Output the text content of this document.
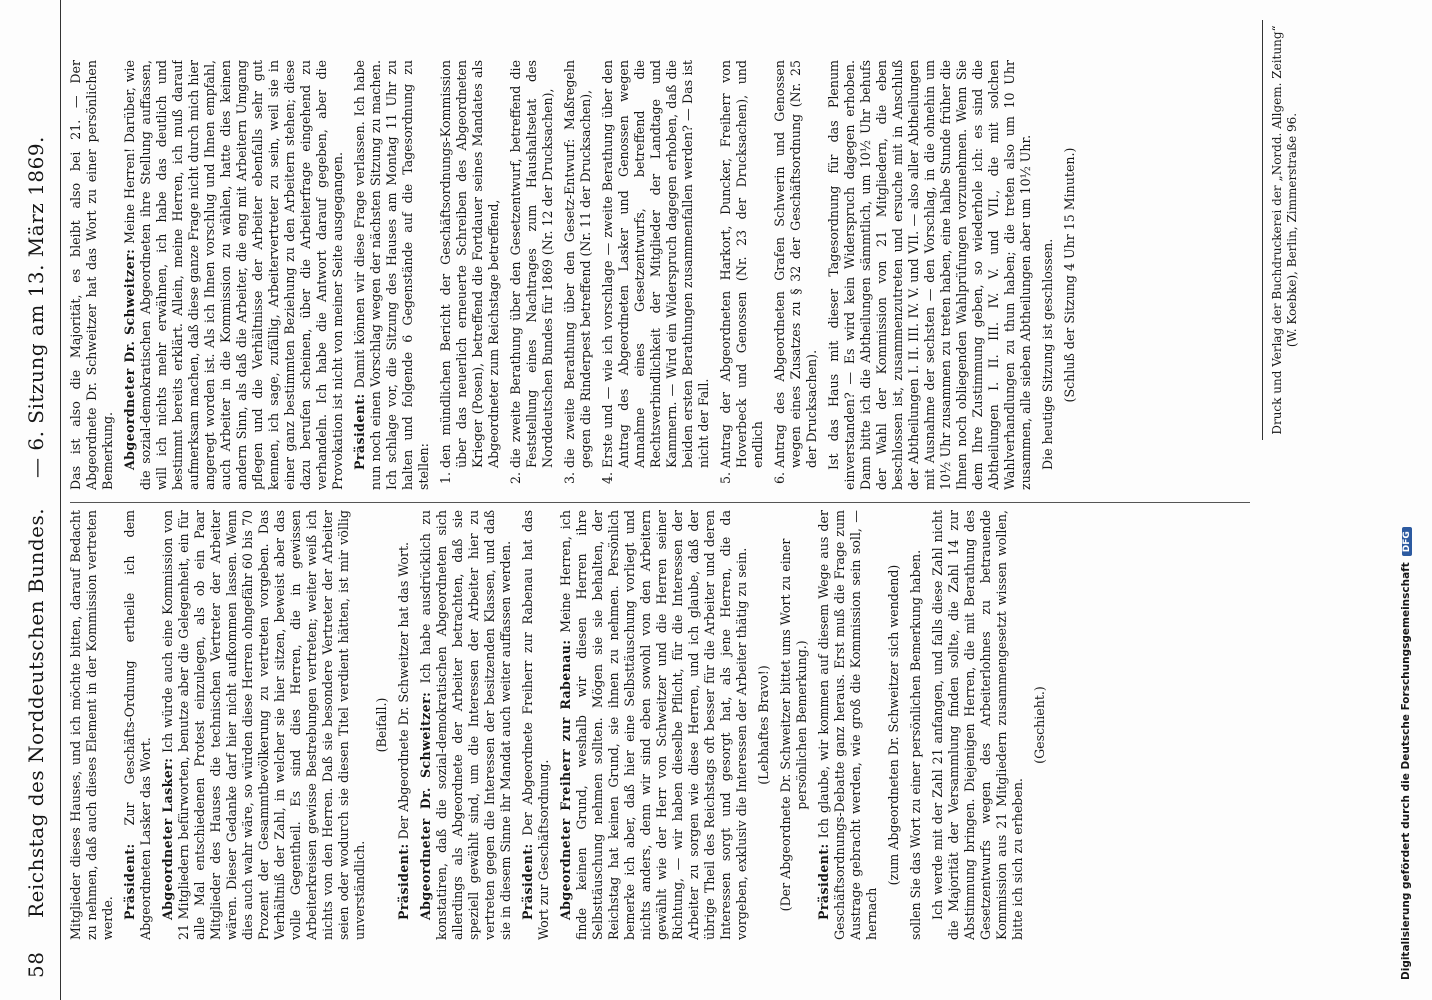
58
Reichstag des Norddeutschen Bundes.
— 6. Sitzung am 13. März 1869.

Mitglieder dieses Hauses, und ich möchte bitten, darauf Bedacht zu nehmen, daß auch dieses Element in der Kommission vertreten werde. Präsident: Zur Geschäfts-Ordnung ertheile ich dem Abgeordneten Lasker das Wort. Abgeordneter Lasker: Ich würde auch eine Kommission von 21 Mitgliedern befürworten, benutze aber die Gelegenheit, ein für alle Mal entschiedenen Protest einzulegen, als ob ein Paar Mitglieder des Hauses die technischen Vertreter der Arbeiter wären. Dieser Gedanke darf hier nicht aufkommen lassen. Wenn dies auch wahr wäre, so würden diese Herren ohngefähr 60 bis 70 Prozent der Gesammtbevölkerung zu vertreten vorgeben. Das Verhältniß der Zahl, in welcher sie hier sitzen, beweist aber das volle Gegentheil. Es sind dies Herren, die in gewissen Arbeiterkreisen gewisse Bestrebungen vertreten; weiter weiß ich nichts von den Herren. Daß sie besondere Vertreter der Arbeiter seien oder wodurch sie diesen Titel verdient hätten, ist mir völlig unverständlich.

(Beifall.)

Präsident: Der Abgeordnete Dr. Schweitzer hat das Wort. Abgeordneter Dr. Schweitzer: Ich habe ausdrücklich zu konstatiren, daß die sozial-demokratischen Abgeordneten sich allerdings als Abgeordnete der Arbeiter betrachten, daß sie speziell gewählt sind, um die Interessen der Arbeiter hier zu vertreten gegen die Interessen der besitzenden Klassen, und daß sie in diesem Sinne ihr Mandat auch weiter auffassen werden. Präsident: Der Abgeordnete Freiherr zur Rabenau hat das Wort zur Geschäftsordnung. Abgeordneter Freiherr zur Rabenau: Meine Herren, ich finde keinen Grund, weshalb wir diesen Herren ihre Selbsttäuschung nehmen sollten. Mögen sie sie behalten, der Reichstag hat keinen Grund, sie ihnen zu nehmen. Persönlich bemerke ich aber, daß hier eine Selbsttäuschung vorliegt und nichts anders, denn wir sind eben sowohl von den Arbeitern gewählt wie der Herr von Schweitzer und die Herren seiner Richtung, — wir haben dieselbe Pflicht, für die Interessen der Arbeiter zu sorgen wie diese Herren, und ich glaube, daß der übrige Theil des Reichstags oft besser für die Arbeiter und deren Interessen sorgt und gesorgt hat, als jene Herren, die da vorgeben, exklusiv die Interessen der Arbeiter thätig zu sein. (Lebhaftes Bravo!) (Der Abgeordnete Dr. Schweitzer bittet ums Wort zu einer persönlichen Bemerkung.)

Präsident: Ich glaube, wir kommen auf diesem Wege aus der Geschäftsordnungs-Debatte ganz heraus. Erst muß die Frage zum Austrage gebracht werden, wie groß die Kommission sein soll, — hernach

(zum Abgeordneten Dr. Schweitzer sich wendend) sollen Sie das Wort zu einer persönlichen Bemerkung haben. Ich werde mit der Zahl 21 anfangen, und falls diese Zahl nicht die Majorität der Versammlung finden sollte, die Zahl 14 zur Abstimmung bringen. Diejenigen Herren, die mit Berathung des Gesetzentwurfs wegen des Arbeiterlohnes zu betrauende Kommission aus 21 Mitgliedern zusammengesetzt wissen wollen, bitte ich sich zu erheben.

(Geschieht.)

Das ist also die Majorität, es bleibt also bei 21. — Der Abgeordnete Dr. Schweitzer hat das Wort zu einer persönlichen Bemerkung. Abgeordneter Dr. Schweitzer: Meine Herren! Darüber, wie die sozial-demokratischen Abgeordneten ihre Stellung auffassen, will ich nichts mehr erwähnen, ich habe das deutlich und bestimmt bereits erklärt. Allein, meine Herren, ich muß darauf aufmerksam machen, daß diese ganze Frage nicht durch mich hier angeregt worden ist. Als ich Ihnen vorschlug und Ihnen empfahl, auch Arbeiter in die Kommission zu wählen, hatte dies keinen andern Sinn, als daß die Arbeiter, die eng mit Arbeitern Umgang pflegen und die Verhältnisse der Arbeiter ebenfalls sehr gut kennen, ich sage, zufällig, Arbeitervertreter zu sein, weil sie in einer ganz bestimmten Beziehung zu den Arbeitern stehen; diese dazu berufen scheinen, über die Arbeiterfrage eingehend zu verhandeln. Ich habe die Antwort darauf gegeben, aber die Provokation ist nicht von meiner Seite ausgegangen. Präsident: Damit können wir diese Frage verlassen. Ich habe nun noch einen Vorschlag wegen der nächsten Sitzung zu machen. Ich schlage vor, die Sitzung des Hauses am Montag 11 Uhr zu halten und folgende 6 Gegenstände auf die Tagesordnung zu stellen: 1. den mündlichen Bericht der Geschäftsordnungs-Kommission über das neuerlich erneuerte Schreiben des Abgeordneten Krieger (Posen), betreffend die Fortdauer seines Mandates als Abgeordneter zum Reichstage betreffend, 2. die zweite Berathung über den Gesetzentwurf, betreffend die Feststellung eines Nachtrages zum Haushaltsetat des Norddeutschen Bundes für 1869 (Nr. 12 der Drucksachen), 3. die zweite Berathung über den Gesetz-Entwurf: Maßregeln gegen die Rinderpest betreffend (Nr. 11 der Drucksachen), 4. Erste und — wie ich vorschlage — zweite Berathung über den Antrag des Abgeordneten Lasker und Genossen wegen Annahme eines Gesetzentwurfs, betreffend die Rechtsverbindlichkeit der Mitglieder der Landtage und Kammern. — Wird ein Widerspruch dagegen erhoben, daß die beiden ersten Berathungen zusammenfallen werden? — Das ist nicht der Fall. 5. Antrag der Abgeordneten Harkort, Duncker, Freiherr von Hoverbeck und Genossen (Nr. 23 der Drucksachen), und endlich 6. Antrag des Abgeordneten Grafen Schwerin und Genossen wegen eines Zusatzes zu § 32 der Geschäftsordnung (Nr. 25 der Drucksachen). Ist das Haus mit dieser Tagesordnung für das Plenum einverstanden? — Es wird kein Widerspruch dagegen erhoben. Dann bitte ich die Abtheilungen sämmtlich, um 10½ Uhr behufs der Wahl der Kommission von 21 Mitgliedern, die eben beschlossen ist, zusammenzutreten und ersuche mit in Anschluß der Abtheilungen I. II. III. IV. V. und VII. — also aller Abtheilungen mit Ausnahme der sechsten — den Vorschlag, in die ohnehin um 10½ Uhr zusammen zu treten haben, eine halbe Stunde früher die Ihnen noch obliegenden Wahlprüfungen vorzunehmen. Wenn Sie dem Ihre Zustimmung geben, so wiederhole ich: es sind die Abtheilungen I. II. III. IV. V. und VII., die mit solchen Wahlverhandlungen zu thun haben; die treten also um 10 Uhr zusammen, alle sieben Abtheilungen aber um 10½ Uhr. Die heutige Sitzung ist geschlossen. (Schluß der Sitzung 4 Uhr 15 Minuten.)	Druck und Verlag der Buchdruckerei der „Nordd. Allgem. Zeitung“ (W. Koebke), Berlin, Zimmerstraße 96.
Digitalisierung gefördert durch die Deutsche ForschungsgemeinschaftDFG
